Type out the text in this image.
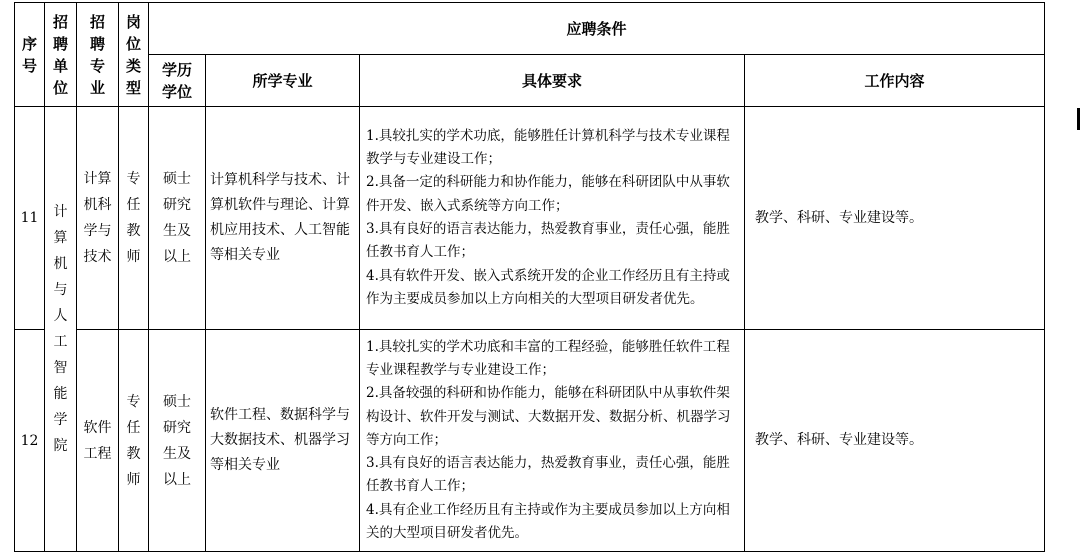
序号	招聘单位	招聘专业	岗位类型	应聘条件			
				学历学位	所学专业	具体要求	工作内容
11	计算机与人工智能学院	计算机科学与技术	专任教师	硕士研究生及以上	计算机科学与技术、计算机软件与理论、计算机应用技术、人工智能等相关专业	1.具较扎实的学术功底，能够胜任计算机科学与技术专业课程教学与专业建设工作；
2.具备一定的科研能力和协作能力，能够在科研团队中从事软件开发、嵌入式系统等方向工作；
3.具有良好的语言表达能力，热爱教育事业，责任心强，能胜任教书育人工作；
4.具有软件开发、嵌入式系统开发的企业工作经历且有主持或作为主要成员参加以上方向相关的大型项目研发者优先。	教学、科研、专业建设等。
12		软件工程	专任教师	硕士研究生及以上	软件工程、数据科学与大数据技术、机器学习等相关专业	1.具较扎实的学术功底和丰富的工程经验，能够胜任软件工程专业课程教学与专业建设工作；
2.具备较强的科研和协作能力，能够在科研团队中从事软件架构设计、软件开发与测试、大数据开发、数据分析、机器学习等方向工作；
3.具有良好的语言表达能力，热爱教育事业，责任心强，能胜任教书育人工作；
4.具有企业工作经历且有主持或作为主要成员参加以上方向相关的大型项目研发者优先。	教学、科研、专业建设等。
